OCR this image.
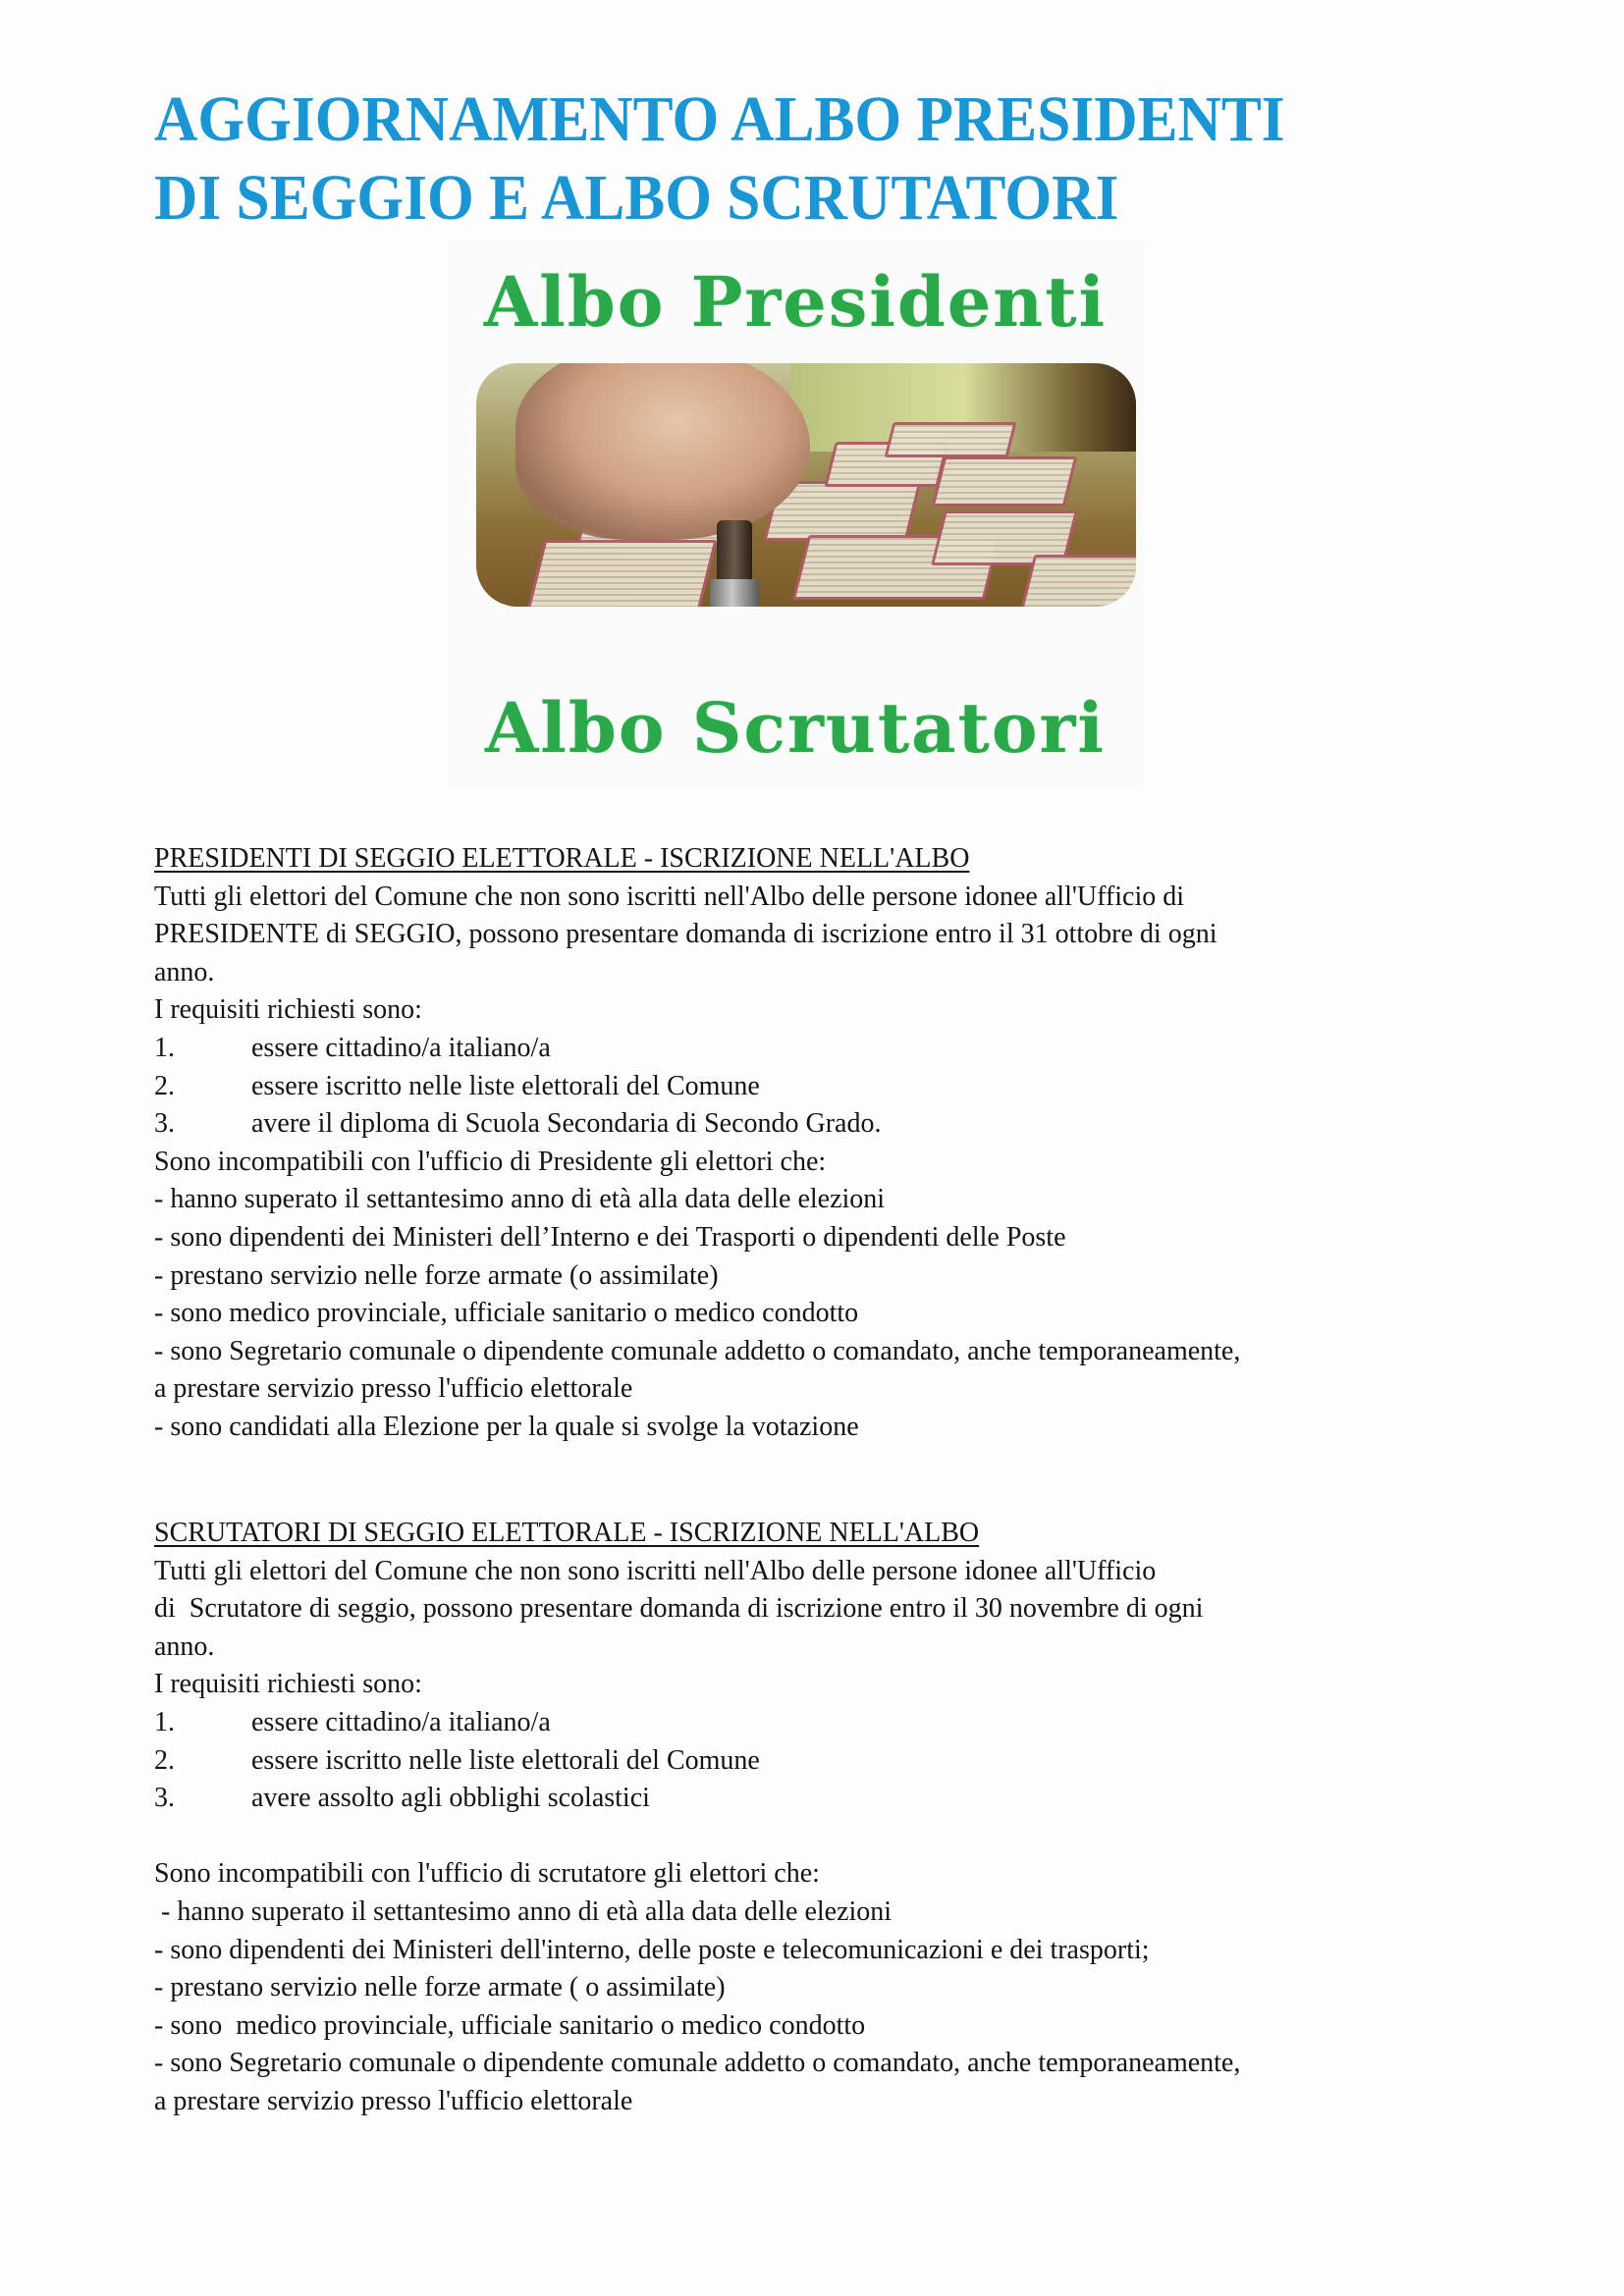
AGGIORNAMENTO ALBO PRESIDENTI
DI SEGGIO E ALBO SCRUTATORI
Albo Presidenti
Albo Scrutatori

PRESIDENTI DI SEGGIO ELETTORALE - ISCRIZIONE NELL'ALBO

Tutti gli elettori del Comune che non sono iscritti nell'Albo delle persone idonee all'Ufficio di

PRESIDENTE di SEGGIO, possono presentare domanda di iscrizione entro il 31 ottobre di ogni

anno.

I requisiti richiesti sono:

1.	essere cittadino/a italiano/a

2.	essere iscritto nelle liste elettorali del Comune

3.	avere il diploma di Scuola Secondaria di Secondo Grado.

Sono incompatibili con l'ufficio di Presidente gli elettori che:

- hanno superato il settantesimo anno di età alla data delle elezioni

- sono dipendenti dei Ministeri dell’Interno e dei Trasporti o dipendenti delle Poste

- prestano servizio nelle forze armate (o assimilate)

- sono medico provinciale, ufficiale sanitario o medico condotto

- sono Segretario comunale o dipendente comunale addetto o comandato, anche temporaneamente,

a prestare servizio presso l'ufficio elettorale

- sono candidati alla Elezione per la quale si svolge la votazione

SCRUTATORI DI SEGGIO ELETTORALE - ISCRIZIONE NELL'ALBO

Tutti gli elettori del Comune che non sono iscritti nell'Albo delle persone idonee all'Ufficio

di  Scrutatore di seggio, possono presentare domanda di iscrizione entro il 30 novembre di ogni

anno.

I requisiti richiesti sono:

1.	essere cittadino/a italiano/a

2.	essere iscritto nelle liste elettorali del Comune

3.	avere assolto agli obblighi scolastici

Sono incompatibili con l'ufficio di scrutatore gli elettori che:

- hanno superato il settantesimo anno di età alla data delle elezioni

- sono dipendenti dei Ministeri dell'interno, delle poste e telecomunicazioni e dei trasporti;

- prestano servizio nelle forze armate ( o assimilate)

- sono  medico provinciale, ufficiale sanitario o medico condotto

- sono Segretario comunale o dipendente comunale addetto o comandato, anche temporaneamente,

a prestare servizio presso l'ufficio elettorale
